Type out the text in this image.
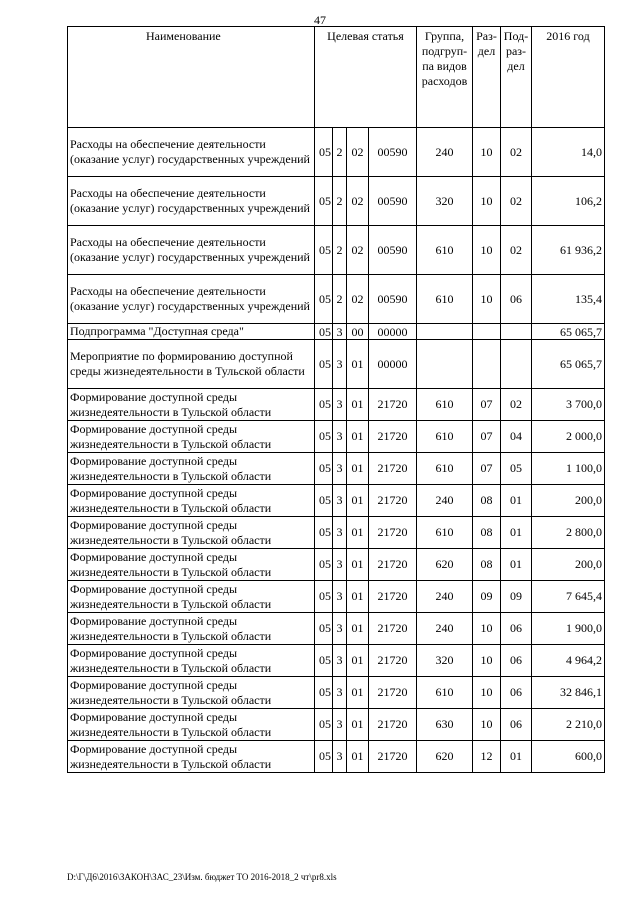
47
Наименование	Целевая статья				Группа, подгруп- па видов расходов	Раз- дел	Под- раз- дел	2016 год
Расходы на обеспечение деятельности (оказание услуг) государственных учреждений	05	2	02	00590	240	10	02	14,0
Расходы на обеспечение деятельности (оказание услуг) государственных учреждений	05	2	02	00590	320	10	02	106,2
Расходы на обеспечение деятельности (оказание услуг) государственных учреждений	05	2	02	00590	610	10	02	61 936,2
Расходы на обеспечение деятельности (оказание услуг) государственных учреждений	05	2	02	00590	610	10	06	135,4
Подпрограмма "Доступная среда"	05	3	00	00000				65 065,7
Мероприятие по формированию доступной среды жизнедеятельности в Тульской области	05	3	01	00000				65 065,7
Формирование доступной среды жизнедеятельности в Тульской области	05	3	01	21720	610	07	02	3 700,0
Формирование доступной среды жизнедеятельности в Тульской области	05	3	01	21720	610	07	04	2 000,0
Формирование доступной среды жизнедеятельности в Тульской области	05	3	01	21720	610	07	05	1 100,0
Формирование доступной среды жизнедеятельности в Тульской области	05	3	01	21720	240	08	01	200,0
Формирование доступной среды жизнедеятельности в Тульской области	05	3	01	21720	610	08	01	2 800,0
Формирование доступной среды жизнедеятельности в Тульской области	05	3	01	21720	620	08	01	200,0
Формирование доступной среды жизнедеятельности в Тульской области	05	3	01	21720	240	09	09	7 645,4
Формирование доступной среды жизнедеятельности в Тульской области	05	3	01	21720	240	10	06	1 900,0
Формирование доступной среды жизнедеятельности в Тульской области	05	3	01	21720	320	10	06	4 964,2
Формирование доступной среды жизнедеятельности в Тульской области	05	3	01	21720	610	10	06	32 846,1
Формирование доступной среды жизнедеятельности в Тульской области	05	3	01	21720	630	10	06	2 210,0
Формирование доступной среды жизнедеятельности в Тульской области	05	3	01	21720	620	12	01	600,0
D:\Г\Д6\2016\ЗАКОН\ЗАС_23\Изм. бюджет ТО 2016-2018_2 чт\pr8.xls
